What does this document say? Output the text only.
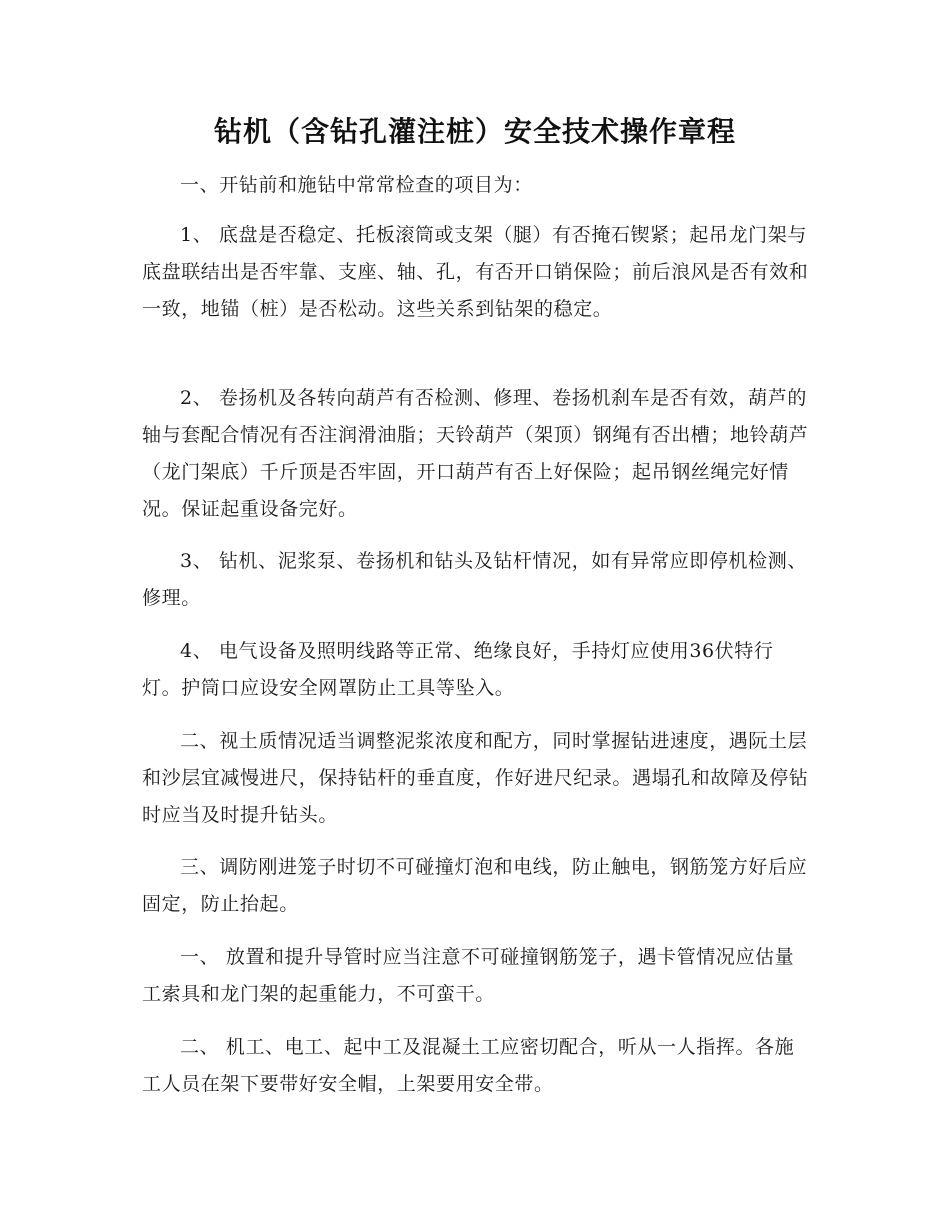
钻机（含钻孔灌注桩）安全技术操作章程

一、开钻前和施钻中常常检查的项目为：

1、 底盘是否稳定、托板滚筒或支架（腿）有否掩石锲紧；起吊龙门架与底盘联结出是否牢靠、支座、轴、孔，有否开口销保险；前后浪风是否有效和一致，地锚（桩）是否松动。这些关系到钻架的稳定。

2、 卷扬机及各转向葫芦有否检测、修理、卷扬机刹车是否有效，葫芦的轴与套配合情况有否注润滑油脂；天铃葫芦（架顶）钢绳有否出槽；地铃葫芦（龙门架底）千斤顶是否牢固，开口葫芦有否上好保险；起吊钢丝绳完好情况。保证起重设备完好。

3、 钻机、泥浆泵、卷扬机和钻头及钻杆情况，如有异常应即停机检测、修理。

4、 电气设备及照明线路等正常、绝缘良好，手持灯应使用36伏特行灯。护筒口应设安全网罩防止工具等坠入。

二、视土质情况适当调整泥浆浓度和配方，同时掌握钻进速度，遇阮土层和沙层宜减慢进尺，保持钻杆的垂直度，作好进尺纪录。遇塌孔和故障及停钻时应当及时提升钻头。

三、调防刚进笼子时切不可碰撞灯泡和电线，防止触电，钢筋笼方好后应固定，防止抬起。

一、 放置和提升导管时应当注意不可碰撞钢筋笼子，遇卡管情况应估量工索具和龙门架的起重能力，不可蛮干。

二、 机工、电工、起中工及混凝土工应密切配合，听从一人指挥。各施工人员在架下要带好安全帽，上架要用安全带。
